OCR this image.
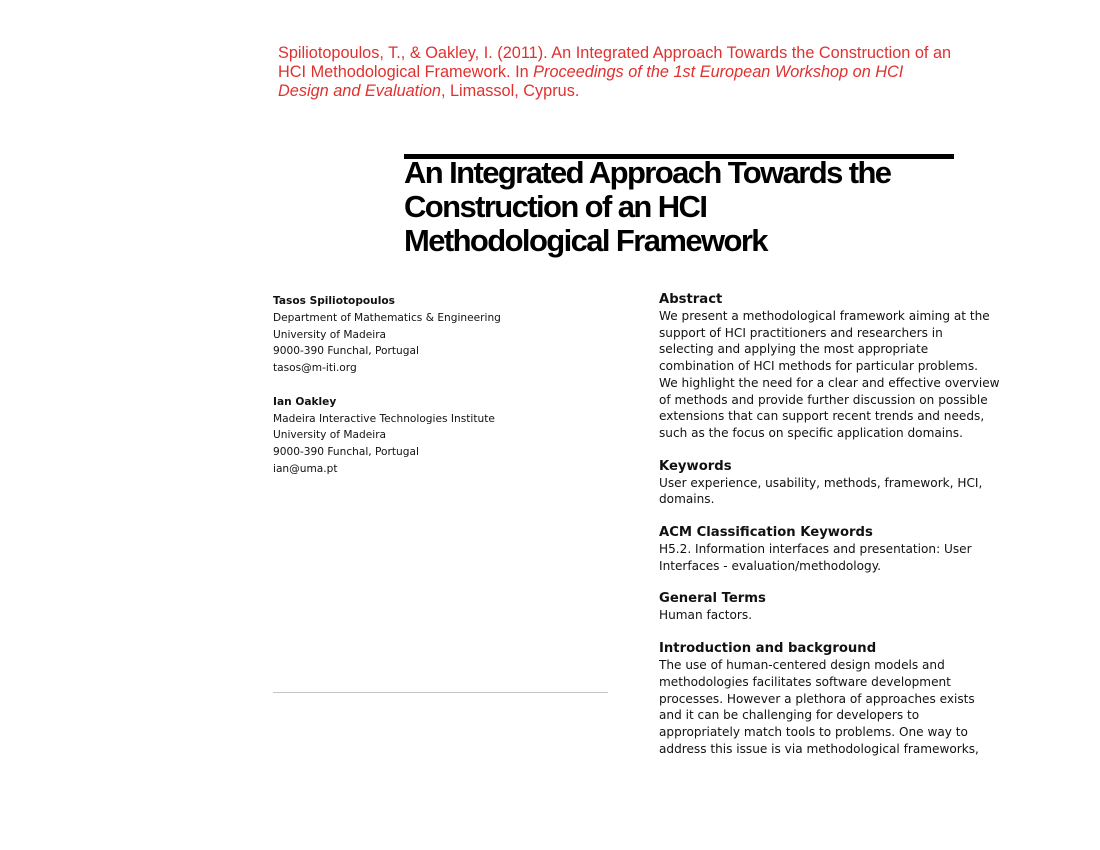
Spiliotopoulos, T., & Oakley, I. (2011). An Integrated Approach Towards the Construction of an HCI Methodological Framework. In Proceedings of the 1st European Workshop on HCI Design and Evaluation, Limassol, Cyprus.
An Integrated Approach Towards the
Construction of an HCI
Methodological Framework
Tasos Spiliotopoulos
Department of Mathematics & Engineering
University of Madeira
9000-390 Funchal, Portugal
tasos@m-iti.org
Ian Oakley
Madeira Interactive Technologies Institute
University of Madeira
9000-390 Funchal, Portugal
ian@uma.pt
Abstract
We present a methodological framework aiming at the
support of HCI practitioners and researchers in
selecting and applying the most appropriate
combination of HCI methods for particular problems.
We highlight the need for a clear and effective overview
of methods and provide further discussion on possible
extensions that can support recent trends and needs,
such as the focus on specific application domains.
Keywords
User experience, usability, methods, framework, HCI,
domains.
ACM Classification Keywords
H5.2. Information interfaces and presentation: User
Interfaces - evaluation/methodology.
General Terms
Human factors.
Introduction and background
The use of human-centered design models and
methodologies facilitates software development
processes. However a plethora of approaches exists
and it can be challenging for developers to
appropriately match tools to problems. One way to
address this issue is via methodological frameworks,
